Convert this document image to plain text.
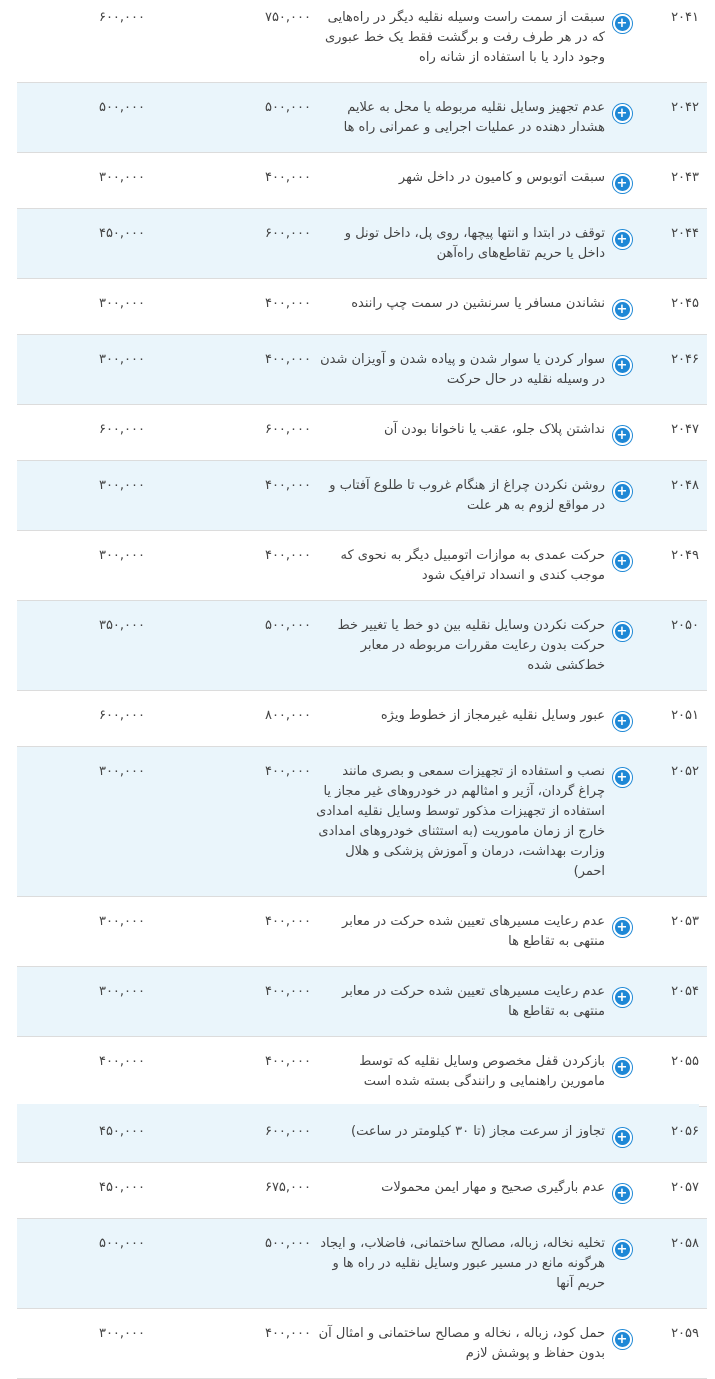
۶۰۰,۰۰۰	۷۵۰,۰۰۰	سبقت از سمت راست وسیله نقلیه دیگر در راه‌هایی که در هر طرف رفت و برگشت فقط یک خط عبوری وجود دارد یا با استفاده از شانه راه	+	۲۰۴۱
۵۰۰,۰۰۰	۵۰۰,۰۰۰	عدم تجهیز وسایل نقلیه مربوطه یا محل به علایم هشدار دهنده در عملیات اجرایی و عمرانی راه ها	+	۲۰۴۲
۳۰۰,۰۰۰	۴۰۰,۰۰۰	سبقت اتوبوس و کامیون در داخل شهر	+	۲۰۴۳
۴۵۰,۰۰۰	۶۰۰,۰۰۰	توقف در ابتدا و انتها پیچها، روی پل، داخل تونل و داخل یا حریم تقاطع‌های راه‌آهن	+	۲۰۴۴
۳۰۰,۰۰۰	۴۰۰,۰۰۰	نشاندن مسافر یا سرنشین در سمت چپ راننده	+	۲۰۴۵
۳۰۰,۰۰۰	۴۰۰,۰۰۰	سوار کردن یا سوار شدن و پیاده شدن و آویزان شدن در وسیله نقلیه در حال حرکت	+	۲۰۴۶
۶۰۰,۰۰۰	۶۰۰,۰۰۰	نداشتن پلاک جلو، عقب یا ناخوانا بودن آن	+	۲۰۴۷
۳۰۰,۰۰۰	۴۰۰,۰۰۰	روشن نکردن چراغ از هنگام غروب تا طلوع آفتاب و در مواقع لزوم به هر علت	+	۲۰۴۸
۳۰۰,۰۰۰	۴۰۰,۰۰۰	حرکت عمدی به موازات اتومبیل دیگر به نحوی که موجب کندی و انسداد ترافیک شود	+	۲۰۴۹
۳۵۰,۰۰۰	۵۰۰,۰۰۰	حرکت نکردن وسایل نقلیه بین دو خط یا تغییر خط حرکت بدون رعایت مقررات مربوطه در معابر خط‌کشی شده	+	۲۰۵۰
۶۰۰,۰۰۰	۸۰۰,۰۰۰	عبور وسایل نقلیه غیرمجاز از خطوط ویژه	+	۲۰۵۱
۳۰۰,۰۰۰	۴۰۰,۰۰۰	نصب و استفاده از تجهیزات سمعی و بصری مانند چراغ گردان، آژیر و امثالهم در خودروهای غیر مجاز یا استفاده از تجهیزات مذکور توسط وسایل نقلیه امدادی خارج از زمان ماموریت (به استثنای خودروهای امدادی وزارت بهداشت، درمان و آموزش پزشکی و هلال احمر)	+	۲۰۵۲
۳۰۰,۰۰۰	۴۰۰,۰۰۰	عدم رعایت مسیرهای تعیین شده حرکت در معابر منتهی به تقاطع ها	+	۲۰۵۳
۳۰۰,۰۰۰	۴۰۰,۰۰۰	عدم رعایت مسیرهای تعیین شده حرکت در معابر منتهی به تقاطع ها	+	۲۰۵۴
۴۰۰,۰۰۰	۴۰۰,۰۰۰	بازکردن قفل مخصوص وسایل نقلیه که توسط مامورین راهنمایی و رانندگی بسته شده است	+	۲۰۵۵
۴۵۰,۰۰۰	۶۰۰,۰۰۰	تجاوز از سرعت مجاز (تا ۳۰ کیلومتر در ساعت)	+	۲۰۵۶
۴۵۰,۰۰۰	۶۷۵,۰۰۰	عدم بارگیری صحیح و مهار ایمن محمولات	+	۲۰۵۷
۵۰۰,۰۰۰	۵۰۰,۰۰۰	تخلیه نخاله، زباله، مصالح ساختمانی، فاضلاب، و ایجاد هرگونه مانع در مسیر عبور وسایل نقلیه در راه ها و حریم آنها	+	۲۰۵۸
۳۰۰,۰۰۰	۴۰۰,۰۰۰	حمل کود، زباله ، نخاله و مصالح ساختمانی و امثال آن بدون حفاظ و پوشش لازم	+	۲۰۵۹
